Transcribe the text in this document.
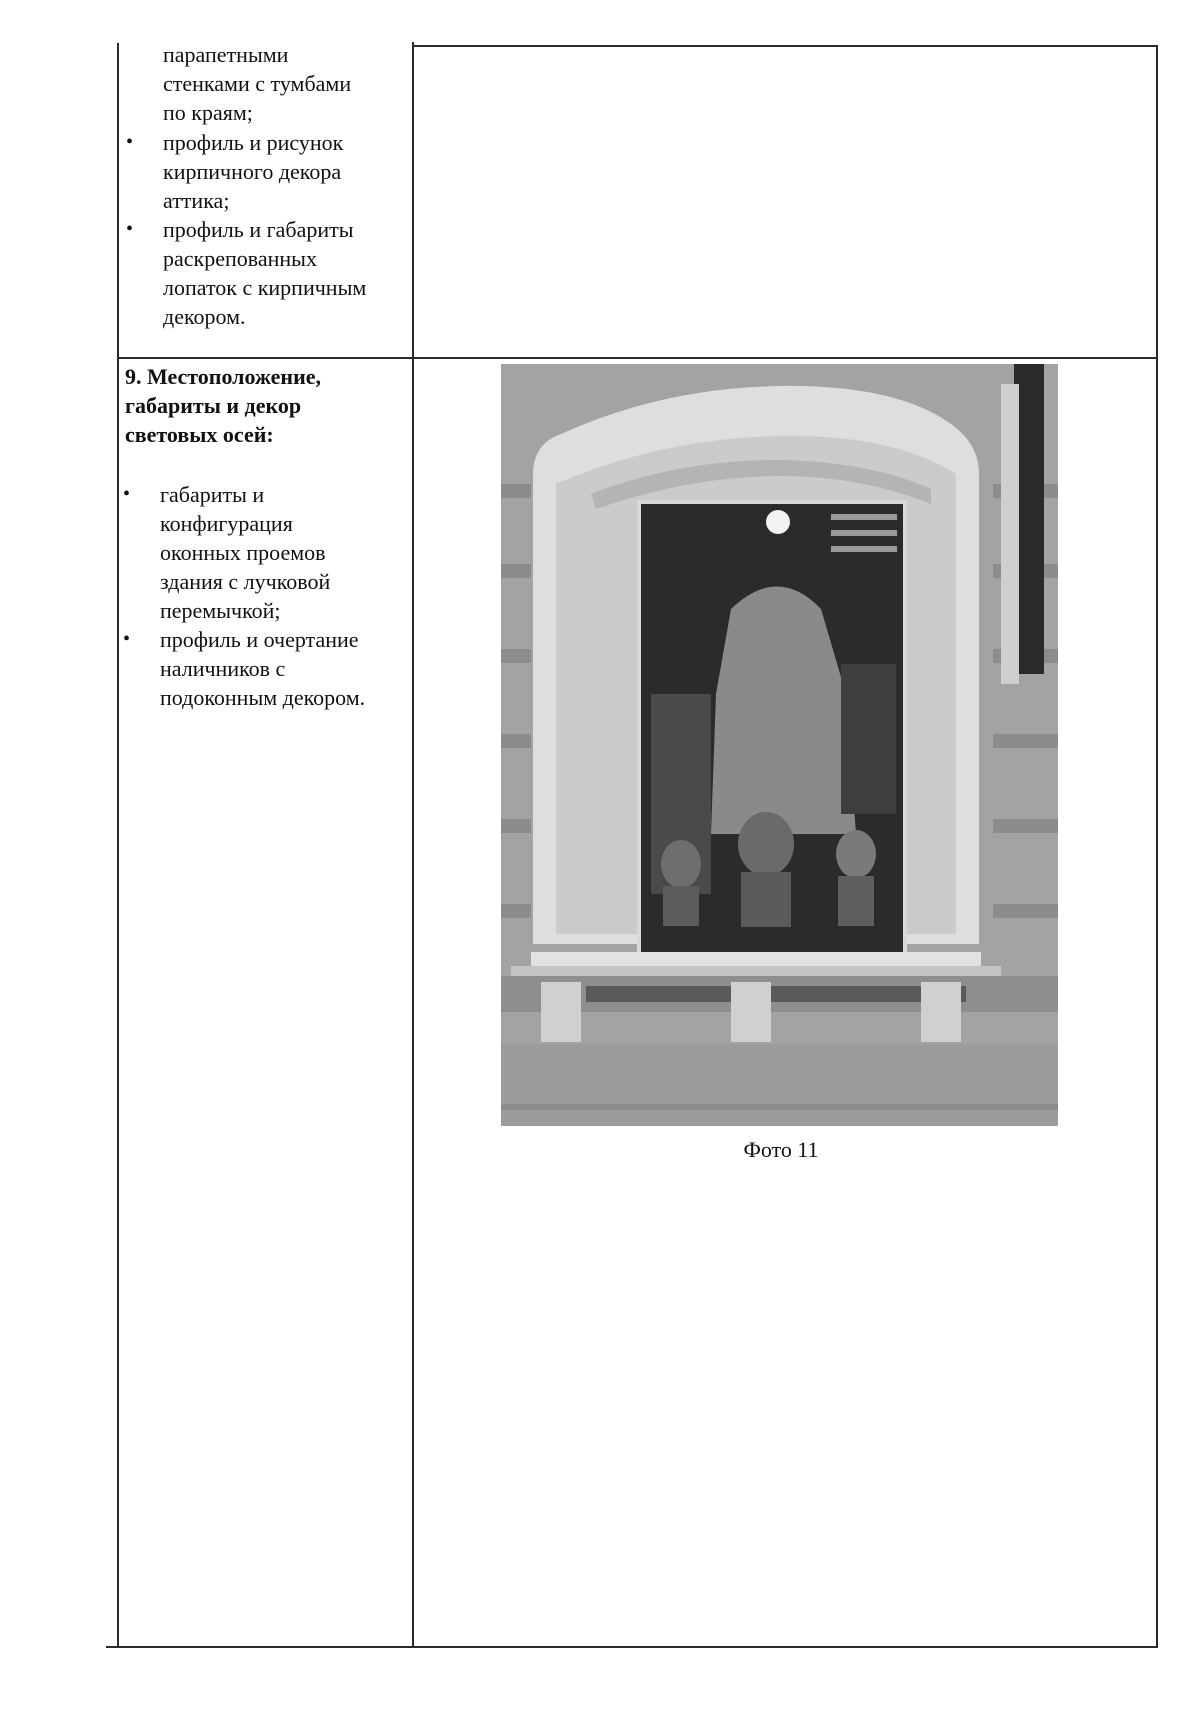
парапетными
стенками с тумбами
по краям;
• профиль и рисунок
кирпичного декора
аттика;
• профиль и габариты
раскрепованных
лопаток с кирпичным
декором.
9. Местоположение,
габариты и декор
световых осей:
• габариты и
конфигурация
оконных проемов
здания с лучковой
перемычкой;
• профиль и очертание
наличников с
подоконным декором.
Фото 11
